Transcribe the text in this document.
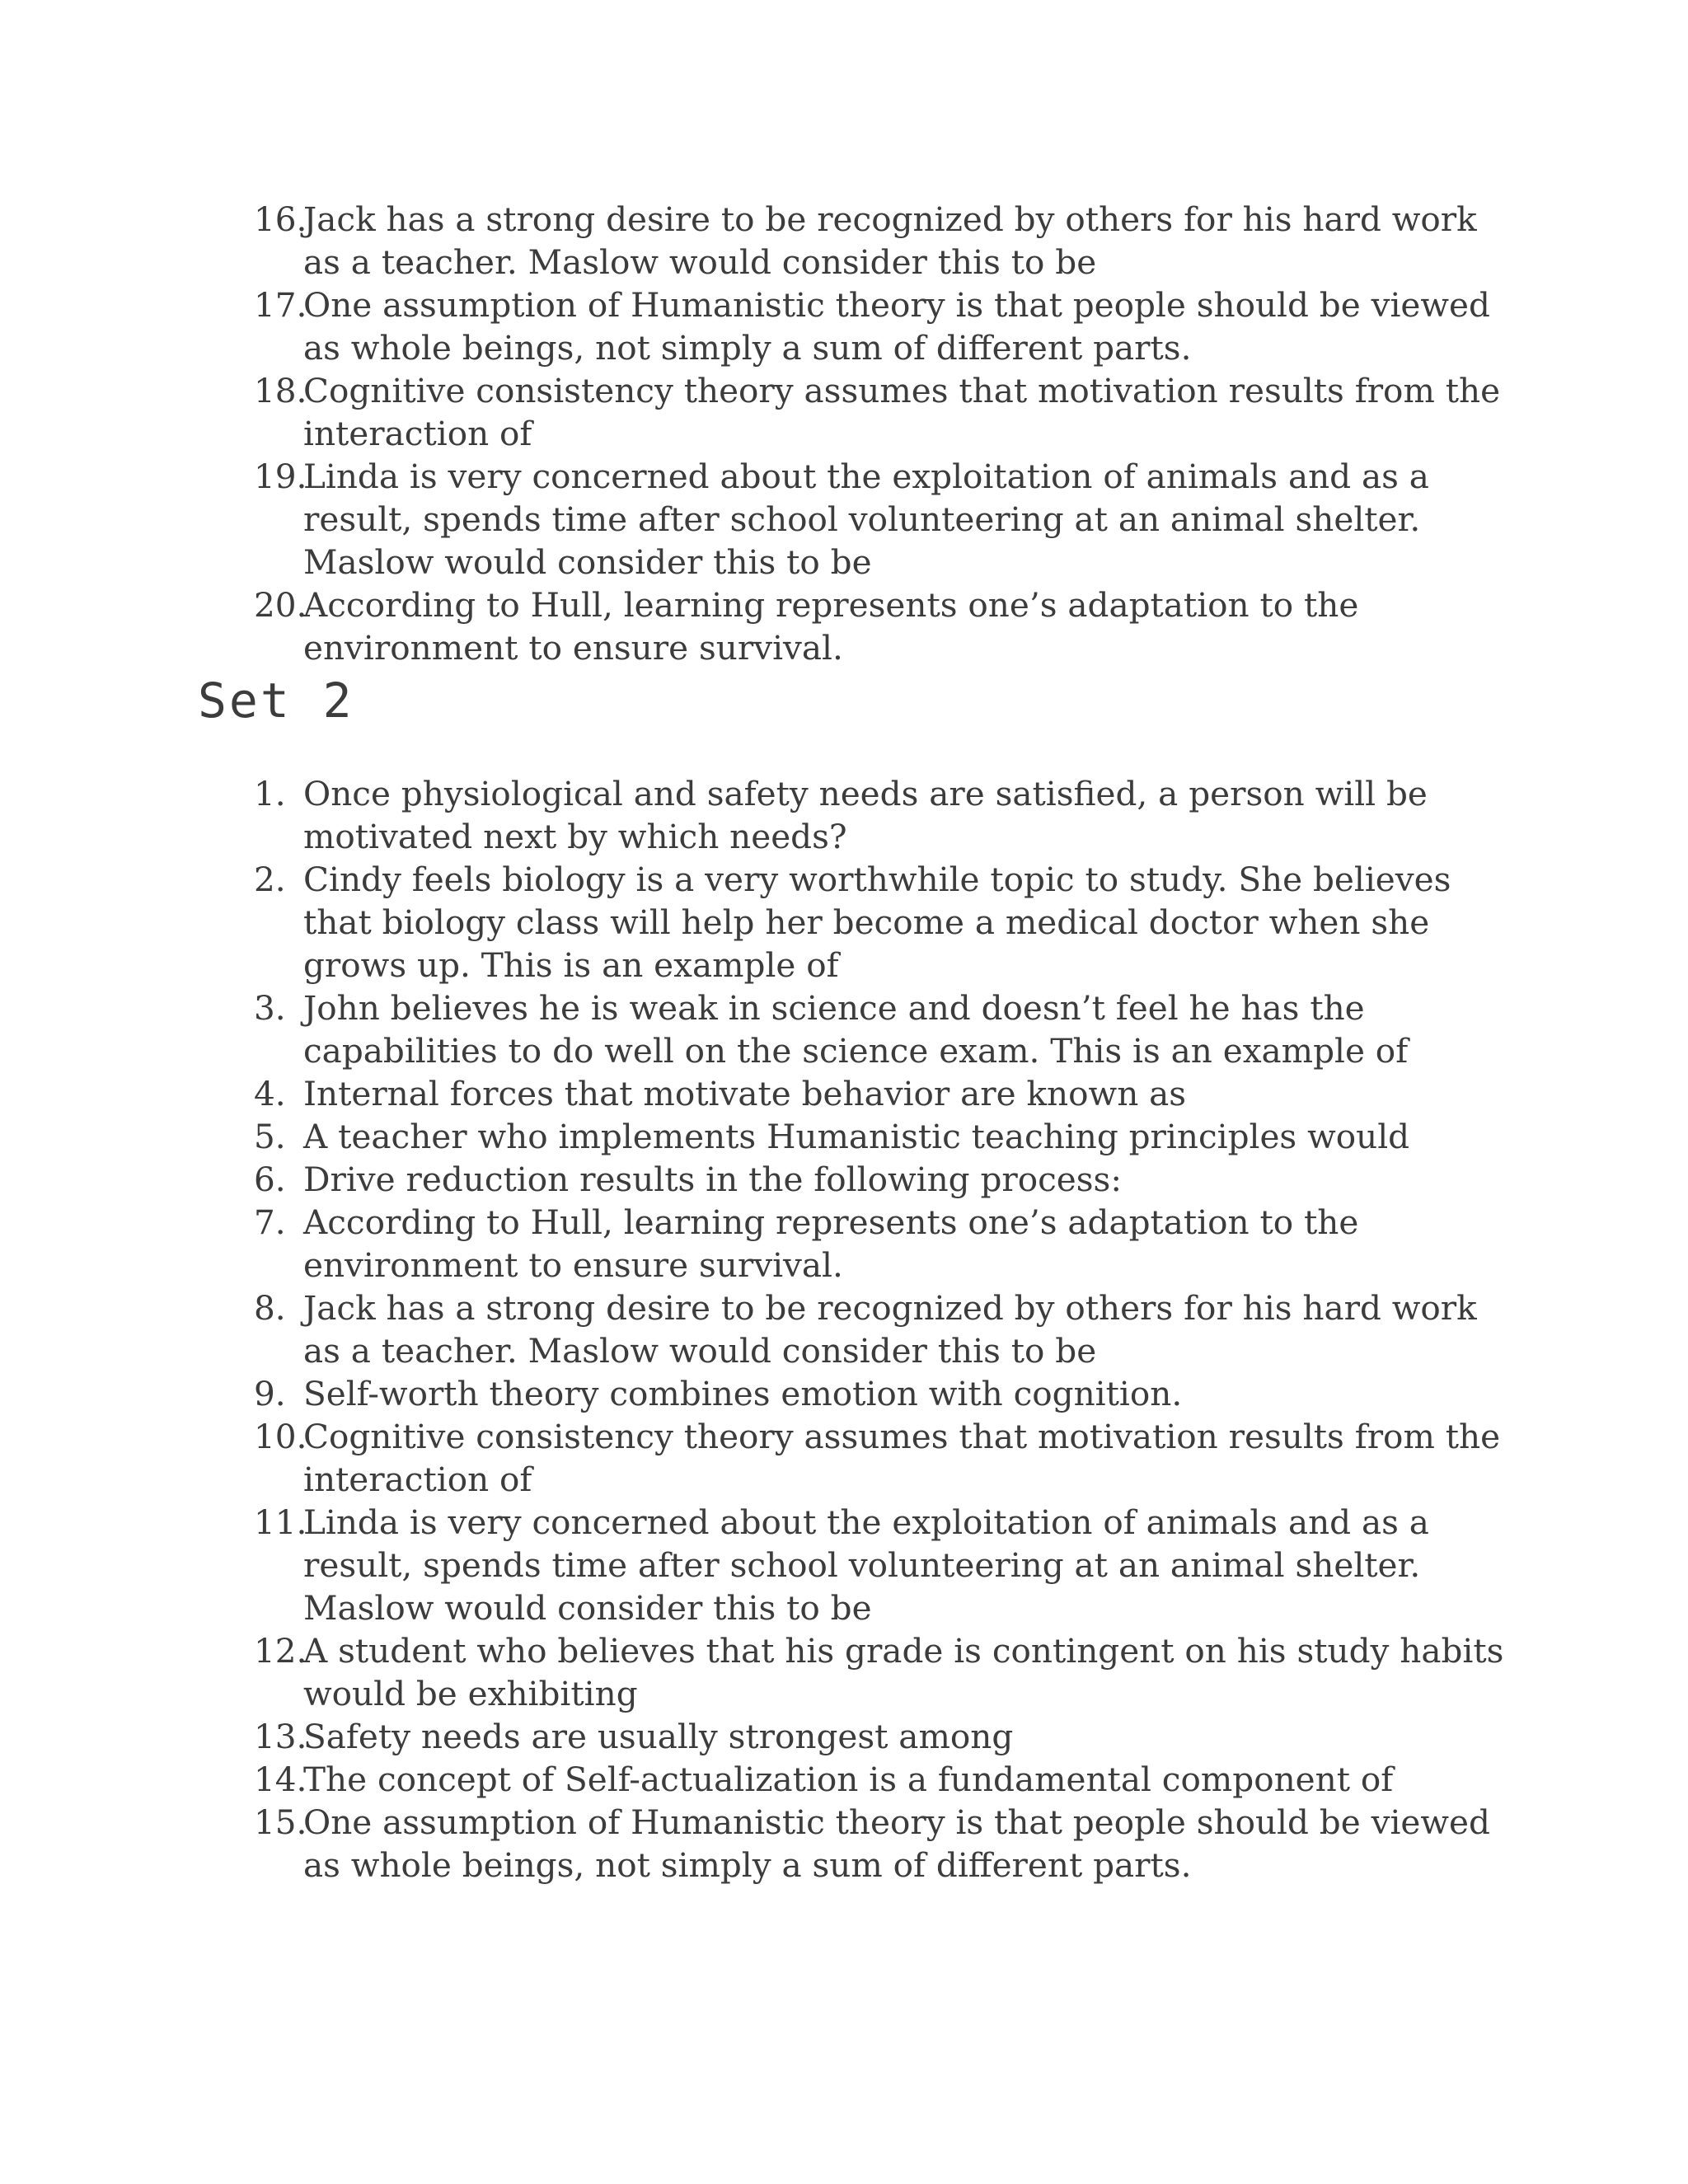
16.
Jack has a strong desire to be recognized by others for his hard work as a teacher. Maslow would consider this to be
17.
One assumption of Humanistic theory is that people should be viewed as whole beings, not simply a sum of different parts.
18.
Cognitive consistency theory assumes that motivation results from the interaction of
19.
Linda is very concerned about the exploitation of animals and as a result, spends time after school volunteering at an animal shelter. Maslow would consider this to be
20.
According to Hull, learning represents one’s adaptation to the environment to ensure survival.
Set 2
1. Once physiological and safety needs are satisfied, a person will be motivated next by which needs?
2. Cindy feels biology is a very worthwhile topic to study. She believes that biology class will help her become a medical doctor when she grows up. This is an example of
3. John believes he is weak in science and doesn’t feel he has the capabilities to do well on the science exam. This is an example of
4. Internal forces that motivate behavior are known as
5. A teacher who implements Humanistic teaching principles would
6. Drive reduction results in the following process:
7. According to Hull, learning represents one’s adaptation to the environment to ensure survival.
8. Jack has a strong desire to be recognized by others for his hard work as a teacher. Maslow would consider this to be
9. Self-worth theory combines emotion with cognition.
10.
Cognitive consistency theory assumes that motivation results from the interaction of
11.
Linda is very concerned about the exploitation of animals and as a result, spends time after school volunteering at an animal shelter. Maslow would consider this to be
12.
A student who believes that his grade is contingent on his study habits would be exhibiting
13.
Safety needs are usually strongest among
14.
The concept of Self-actualization is a fundamental component of
15.
One assumption of Humanistic theory is that people should be viewed as whole beings, not simply a sum of different parts.
